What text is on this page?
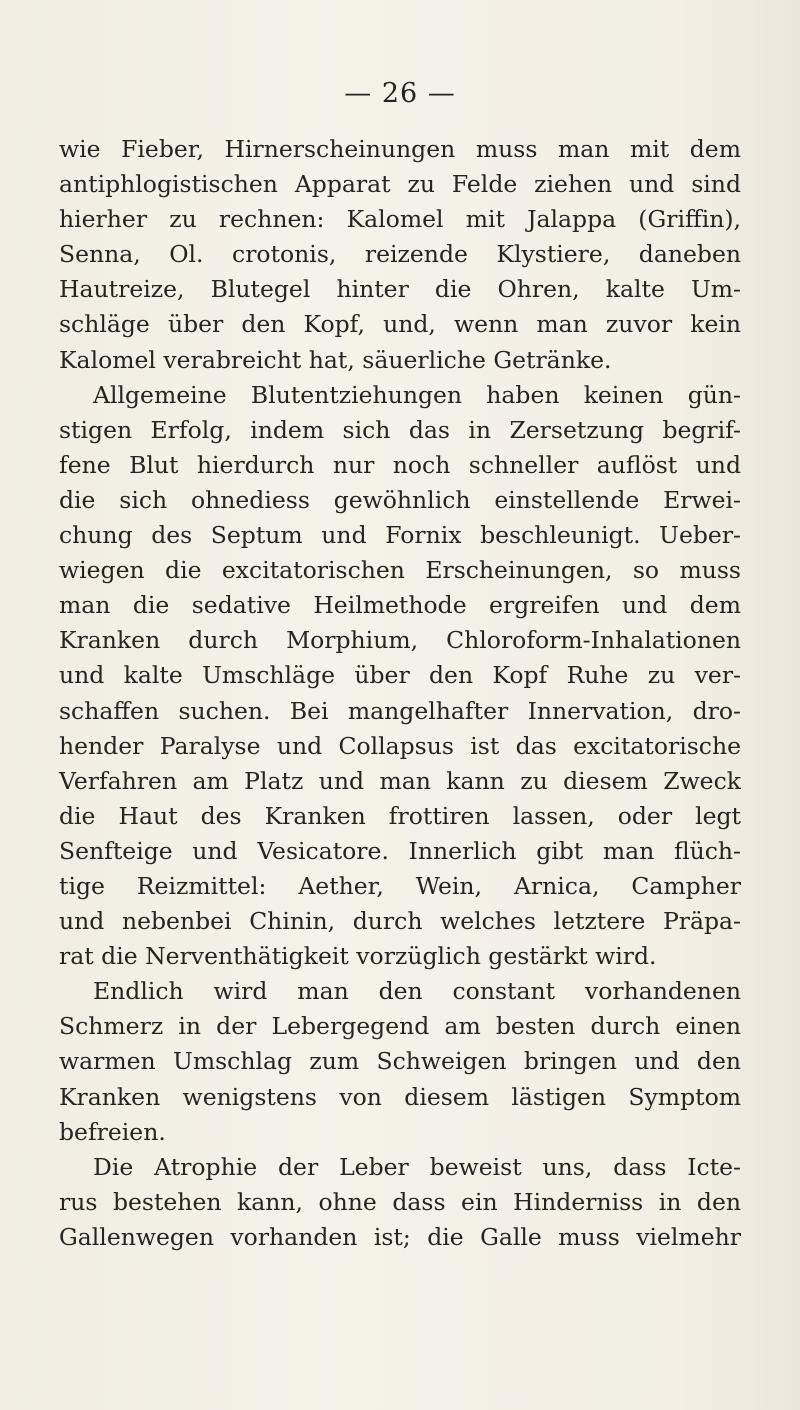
— 26 —
wie Fieber, Hirnerscheinungen muss man mit dem
antiphlogistischen Apparat zu Felde ziehen und sind
hierher zu rechnen: Kalomel mit Jalappa (Griffin),
Senna, Ol. crotonis, reizende Klystiere, daneben
Hautreize, Blutegel hinter die Ohren, kalte Um-
schläge über den Kopf, und, wenn man zuvor kein
Kalomel verabreicht hat, säuerliche Getränke.
Allgemeine Blutentziehungen haben keinen gün-
stigen Erfolg, indem sich das in Zersetzung begrif-
fene Blut hierdurch nur noch schneller auflöst und
die sich ohnediess gewöhnlich einstellende Erwei-
chung des Septum und Fornix beschleunigt. Ueber-
wiegen die excitatorischen Erscheinungen, so muss
man die sedative Heilmethode ergreifen und dem
Kranken durch Morphium, Chloroform-Inhalationen
und kalte Umschläge über den Kopf Ruhe zu ver-
schaffen suchen. Bei mangelhafter Innervation, dro-
hender Paralyse und Collapsus ist das excitatorische
Verfahren am Platz und man kann zu diesem Zweck
die Haut des Kranken frottiren lassen, oder legt
Senfteige und Vesicatore. Innerlich gibt man flüch-
tige Reizmittel: Aether, Wein, Arnica, Campher
und nebenbei Chinin, durch welches letztere Präpa-
rat die Nerventhätigkeit vorzüglich gestärkt wird.
Endlich wird man den constant vorhandenen
Schmerz in der Lebergegend am besten durch einen
warmen Umschlag zum Schweigen bringen und den
Kranken wenigstens von diesem lästigen Symptom
befreien.
Die Atrophie der Leber beweist uns, dass Icte-
rus bestehen kann, ohne dass ein Hinderniss in den
Gallenwegen vorhanden ist; die Galle muss vielmehr
